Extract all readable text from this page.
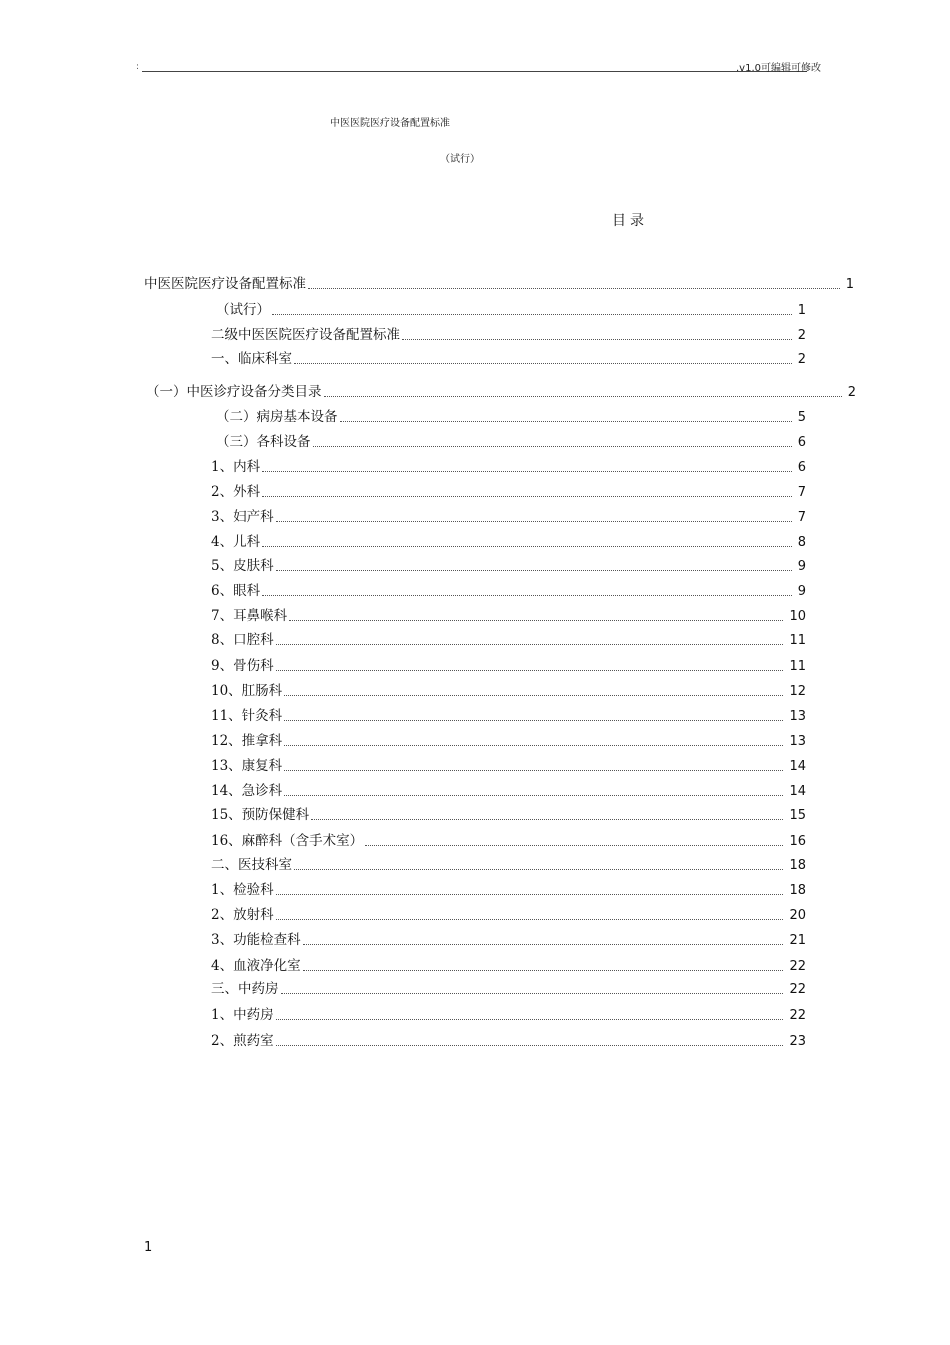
:	.v1.0可编辑可修改
中医医院医疗设备配置标准
（试行）
目录
中医医院医疗设备配置标准	1
（试行）	1
二级中医医院医疗设备配置标准	2
一、临床科室	2
（一）中医诊疗设备分类目录	2
（二）病房基本设备	5
（三）各科设备	6
1、内科	6
2、外科	7
3、妇产科	7
4、儿科	8
5、皮肤科	9
6、眼科	9
7、耳鼻喉科	10
8、口腔科	11
9、骨伤科	11
10、肛肠科	12
11、针灸科	13
12、推拿科	13
13、康复科	14
14、急诊科	14
15、预防保健科	15
16、麻醉科（含手术室）	16
二、医技科室	18
1、检验科	18
2、放射科	20
3、功能检查科	21
4、血液净化室	22
三、中药房	22
1、中药房	22
2、煎药室	23
1
